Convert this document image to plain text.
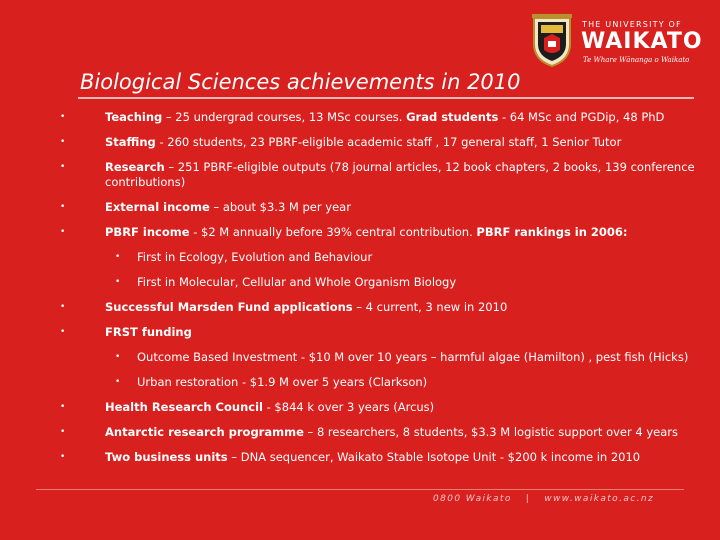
THE UNIVERSITY OF
WAIKATO
Te Whare Wānanga o Waikato
Biological Sciences achievements in 2010
•	Teaching – 25 undergrad courses, 13 MSc courses. Grad students - 64 MSc and PGDip, 48 PhD
•	Staffing - 260 students, 23 PBRF-eligible academic staff , 17 general staff, 1 Senior Tutor
•	Research – 251 PBRF-eligible outputs (78 journal articles, 12 book chapters, 2 books, 139 conference contributions)
•	External income – about $3.3 M per year
•	PBRF income - $2 M annually before 39% central contribution. PBRF rankings in 2006:
• First in Ecology, Evolution and Behaviour
• First in Molecular, Cellular and Whole Organism Biology
•	Successful Marsden Fund applications – 4 current, 3 new in 2010
•	FRST funding
• Outcome Based Investment - $10 M over 10 years – harmful algae (Hamilton) , pest fish (Hicks)
• Urban restoration - $1.9 M over 5 years (Clarkson)
•	Health Research Council - $844 k over 3 years (Arcus)
•	Antarctic research programme – 8 researchers, 8 students, $3.3 M logistic support over 4 years
•	Two business units – DNA sequencer, Waikato Stable Isotope Unit - $200 k income in 2010
0800 Waikato | www.waikato.ac.nz
